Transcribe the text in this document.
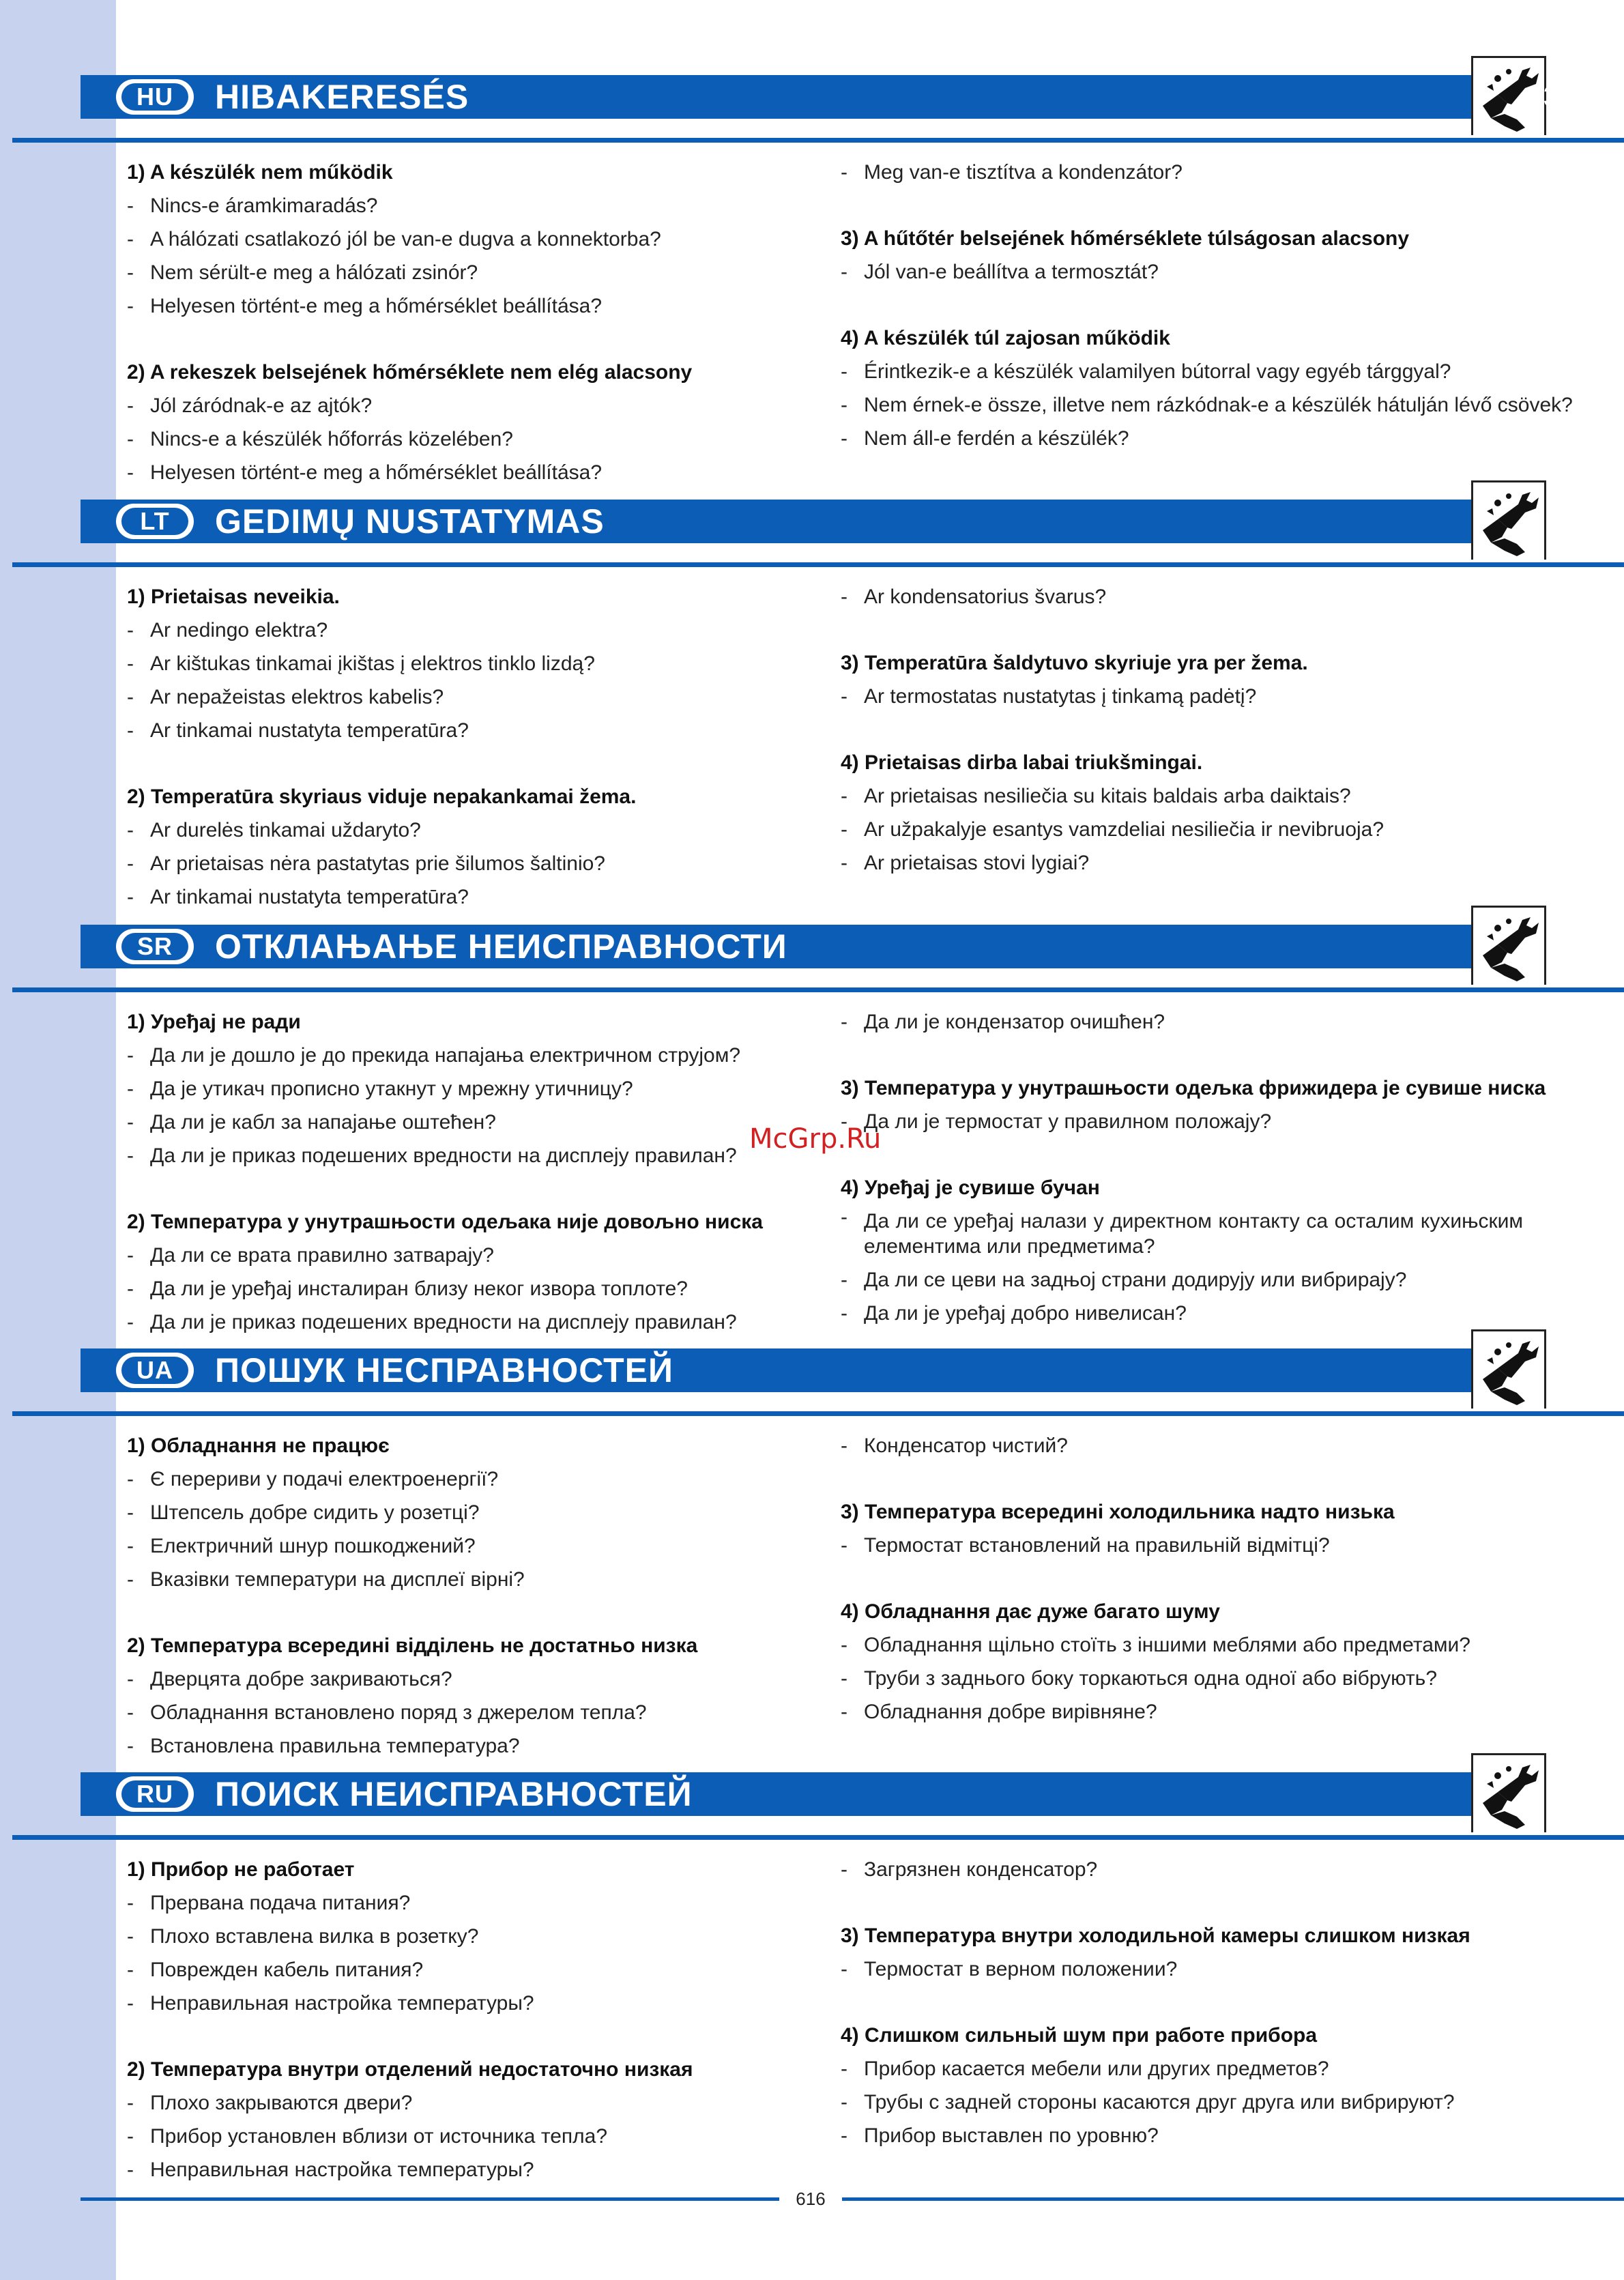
HU	HIBAKERESÉS	39
1) A készülék nem működik
- Nincs-e áramkimaradás?
- A hálózati csatlakozó jól be van-e dugva a konnektorba?
- Nem sérült-e meg a hálózati zsinór?
- Helyesen történt-e meg a hőmérséklet beállítása?
2) A rekeszek belsejének hőmérséklete nem elég alacsony
- Jól záródnak-e az ajtók?
- Nincs-e a készülék hőforrás közelében?
- Helyesen történt-e meg a hőmérséklet beállítása?
- Meg van-e tisztítva a kondenzátor?
3) A hűtőtér belsejének hőmérséklete túlságosan alacsony
- Jól van-e beállítva a termosztát?
4) A készülék túl zajosan működik
- Érintkezik-e a készülék valamilyen bútorral vagy egyéb tárggyal?
- Nem érnek-e össze, illetve nem rázkódnak-e a készülék hátulján lévő csövek?
- Nem áll-e ferdén a készülék?
LT	GEDIMŲ NUSTATYMAS
1) Prietaisas neveikia.
- Ar nedingo elektra?
- Ar kištukas tinkamai įkištas į elektros tinklo lizdą?
- Ar nepažeistas elektros kabelis?
- Ar tinkamai nustatyta temperatūra?
2) Temperatūra skyriaus viduje nepakankamai žema.
- Ar durelės tinkamai uždaryto?
- Ar prietaisas nėra pastatytas prie šilumos šaltinio?
- Ar tinkamai nustatyta temperatūra?
- Ar kondensatorius švarus?
3) Temperatūra šaldytuvo skyriuje yra per žema.
- Ar termostatas nustatytas į tinkamą padėtį?
4) Prietaisas dirba labai triukšmingai.
- Ar prietaisas nesiliečia su kitais baldais arba daiktais?
- Ar užpakalyje esantys vamzdeliai nesiliečia ir nevibruoja?
- Ar prietaisas stovi lygiai?
SR	ОТКЛАЊАЊЕ НЕИСПРАВНОСТИ
1) Уређај не ради
- Да ли је дошло је до прекида напајања електричном струјом?
- Да је утикач прописно утакнут у мрежну утичницу?
- Да ли је кабл за напајање оштећен?
- Да ли је приказ подешених вредности на дисплеју правилан?
2) Температура у унутрашњости одељака није довољно ниска
- Да ли се врата правилно затварају?
- Да ли је уређај инсталиран близу неког извора топлоте?
- Да ли је приказ подешених вредности на дисплеју правилан?
- Да ли је кондензатор очишћен?
3) Температура у унутрашњости одељка фрижидера је сувише ниска
- Да ли је термостат у правилном положају?
4) Уређај је сувише бучан
- Да ли се уређај налази у директном контакту са осталим кухињским елементима или предметима?
- Да ли се цеви на задњој страни додирују или вибрирају?
- Да ли је уређај добро нивелисан?
UA	ПОШУК НЕСПРАВНОСТЕЙ
1) Обладнання не працює
- Є перериви у подачі електроенергії?
- Штепсель добре сидить у розетці?
- Електричний шнур пошкоджений?
- Вказівки температури на дисплеї вірні?
2) Температура всередині відділень не достатньо низка
- Дверцята добре закриваються?
- Обладнання встановлено поряд з джерелом тепла?
- Встановлена правильна температура?
- Конденсатор чистий?
3) Температура всередині холодильника надто низька
- Термостат встановлений на правильній відмітці?
4) Обладнання дає дуже багато шуму
- Обладнання щільно стоїть з іншими меблями або предметами?
- Труби з заднього боку торкаються одна одної або вібрують?
- Обладнання добре вирівняне?
RU	ПОИСК НЕИСПРАВНОСТЕЙ
1) Прибор не работает
- Прервана подача питания?
- Плохо вставлена вилка в розетку?
- Поврежден кабель питания?
- Неправильная настройка температуры?
2) Температура внутри отделений недостаточно низкая
- Плохо закрываются двери?
- Прибор установлен вблизи от источника тепла?
- Неправильная настройка температуры?
- Загрязнен конденсатор?
3) Температура внутри холодильной камеры слишком низкая
- Термостат в верном положении?
4) Слишком сильный шум при работе прибора
- Прибор касается мебели или других предметов?
- Трубы с задней стороны касаются друг друга или вибрируют?
- Прибор выставлен по уровню?
McGrp.Ru
616
